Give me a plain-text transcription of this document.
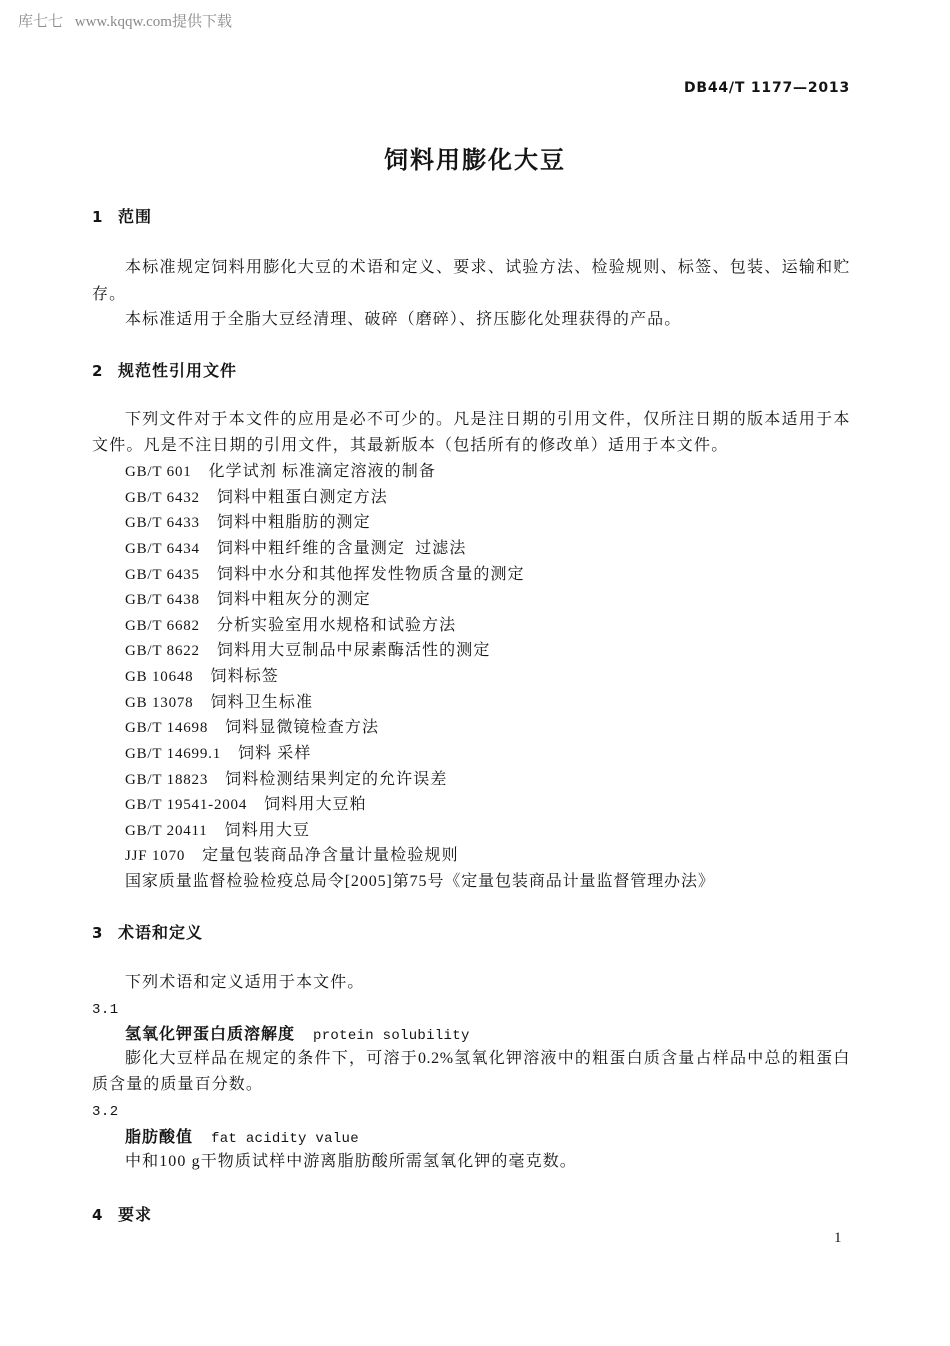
库七七 www.kqqw.com提供下载
DB44/T 1177—2013
饲料用膨化大豆
1 范围
本标准规定饲料用膨化大豆的术语和定义、要求、试验方法、检验规则、标签、包装、运输和贮
存。
本标准适用于全脂大豆经清理、破碎（磨碎）、挤压膨化处理获得的产品。
2 规范性引用文件
下列文件对于本文件的应用是必不可少的。凡是注日期的引用文件，仅所注日期的版本适用于本
文件。凡是不注日期的引用文件，其最新版本（包括所有的修改单）适用于本文件。
GB/T 601 化学试剂 标准滴定溶液的制备
GB/T 6432 饲料中粗蛋白测定方法
GB/T 6433 饲料中粗脂肪的测定
GB/T 6434 饲料中粗纤维的含量测定  过滤法
GB/T 6435 饲料中水分和其他挥发性物质含量的测定
GB/T 6438 饲料中粗灰分的测定
GB/T 6682 分析实验室用水规格和试验方法
GB/T 8622 饲料用大豆制品中尿素酶活性的测定
GB 10648 饲料标签
GB 13078 饲料卫生标准
GB/T 14698 饲料显微镜检查方法
GB/T 14699.1 饲料 采样
GB/T 18823 饲料检测结果判定的允许误差
GB/T 19541-2004 饲料用大豆粕
GB/T 20411 饲料用大豆
JJF 1070 定量包装商品净含量计量检验规则
国家质量监督检验检疫总局令[2005]第75号《定量包装商品计量监督管理办法》
3 术语和定义
下列术语和定义适用于本文件。
3.1
氢氧化钾蛋白质溶解度 protein solubility
膨化大豆样品在规定的条件下，可溶于0.2%氢氧化钾溶液中的粗蛋白质含量占样品中总的粗蛋白
质含量的质量百分数。
3.2
脂肪酸值 fat acidity value
中和100 g干物质试样中游离脂肪酸所需氢氧化钾的毫克数。
4 要求
1
